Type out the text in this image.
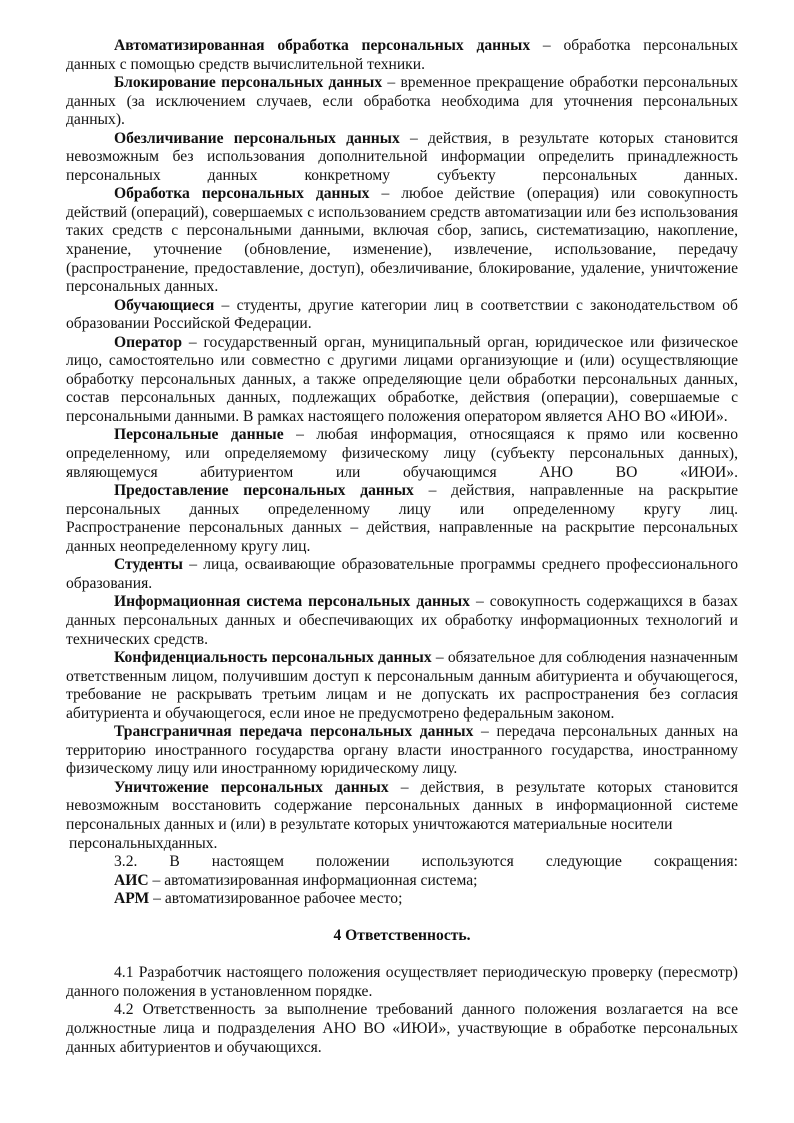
Автоматизированная обработка персональных данных – обработка персональных данных с помощью средств вычислительной техники.

Блокирование персональных данных – временное прекращение обработки персональных данных (за исключением случаев, если обработка необходима для уточнения персональных данных).

Обезличивание персональных данных – действия, в результате которых становится невозможным без использования дополнительной информации определить принадлежность персональных данных конкретному субъекту персональных данных.

Обработка персональных данных – любое действие (операция) или совокупность действий (операций), совершаемых с использованием средств автоматизации или без использования таких средств с персональными данными, включая сбор, запись, систематизацию, накопление, хранение, уточнение (обновление, изменение), извлечение, использование, передачу (распространение, предоставление, доступ), обезличивание, блокирование, удаление, уничтожение персональных данных.

Обучающиеся – студенты, другие категории лиц в соответствии с законодательством об образовании Российской Федерации.

Оператор – государственный орган, муниципальный орган, юридическое или физическое лицо, самостоятельно или совместно с другими лицами организующие и (или) осуществляющие обработку персональных данных, а также определяющие цели обработки персональных данных, состав персональных данных, подлежащих обработке, действия (операции), совершаемые с персональными данными. В рамках настоящего положения оператором является АНО ВО «ИЮИ».

Персональные данные – любая информация, относящаяся к прямо или косвенно определенному, или определяемому физическому лицу (субъекту персональных данных), являющемуся абитуриентом или обучающимся АНО ВО «ИЮИ».

Предоставление персональных данных – действия, направленные на раскрытие персональных данных определенному лицу или определенному кругу лиц.

Распространение персональных данных – действия, направленные на раскрытие персональных данных неопределенному кругу лиц.

Студенты – лица, осваивающие образовательные программы среднего профессионального образования.

Информационная система персональных данных – совокупность содержащихся в базах данных персональных данных и обеспечивающих их обработку информационных технологий и технических средств.

Конфиденциальность персональных данных – обязательное для соблюдения назначенным ответственным лицом, получившим доступ к персональным данным абитуриента и обучающегося, требование не раскрывать третьим лицам и не допускать их распространения без согласия абитуриента и обучающегося, если иное не предусмотрено федеральным законом.

Трансграничная передача персональных данных – передача персональных данных на территорию иностранного государства органу власти иностранного государства, иностранному физическому лицу или иностранному юридическому лицу.

Уничтожение персональных данных – действия, в результате которых становится невозможным восстановить содержание персональных данных в информационной системе персональных данных и (или) в результате которых уничтожаются материальные носители

персональныхданных.

3.2. В настоящем положении используются следующие сокращения:

АИС – автоматизированная информационная система;

АРМ – автоматизированное рабочее место;

4 Ответственность.

4.1 Разработчик настоящего положения осуществляет периодическую проверку (пересмотр) данного положения в установленном порядке.

4.2 Ответственность за выполнение требований данного положения возлагается на все должностные лица и подразделения АНО ВО «ИЮИ», участвующие в обработке персональных данных абитуриентов и обучающихся.
